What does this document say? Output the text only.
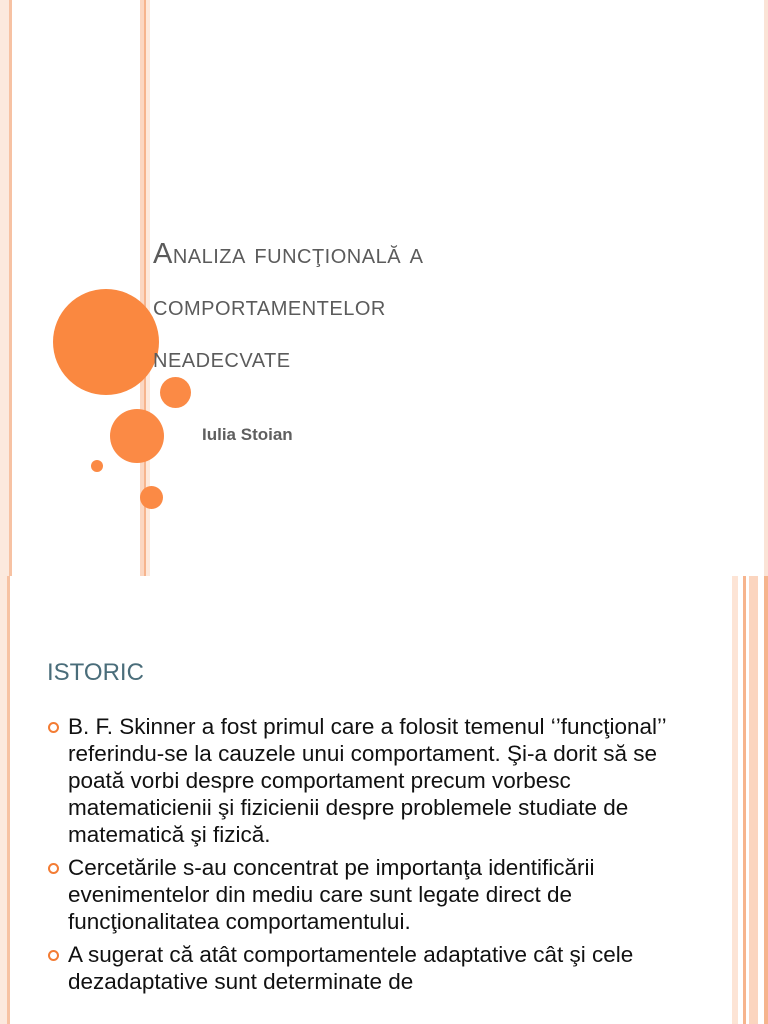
Analiza funcţională a
comportamentelor
neadecvate

Iulia Stoian

ISTORIC
B. F. Skinner a fost primul care a folosit temenul ‘’funcţional’’ referindu-se la cauzele unui comportament. Şi-a dorit să se poată vorbi despre comportament precum vorbesc matematicienii şi fizicienii despre problemele studiate de matematică şi fizică.
Cercetările s-au concentrat pe importanţa identificării evenimentelor din mediu care sunt legate direct de funcţionalitatea comportamentului.
A sugerat că atât comportamentele adaptative cât şi cele dezadaptative sunt determinate de
